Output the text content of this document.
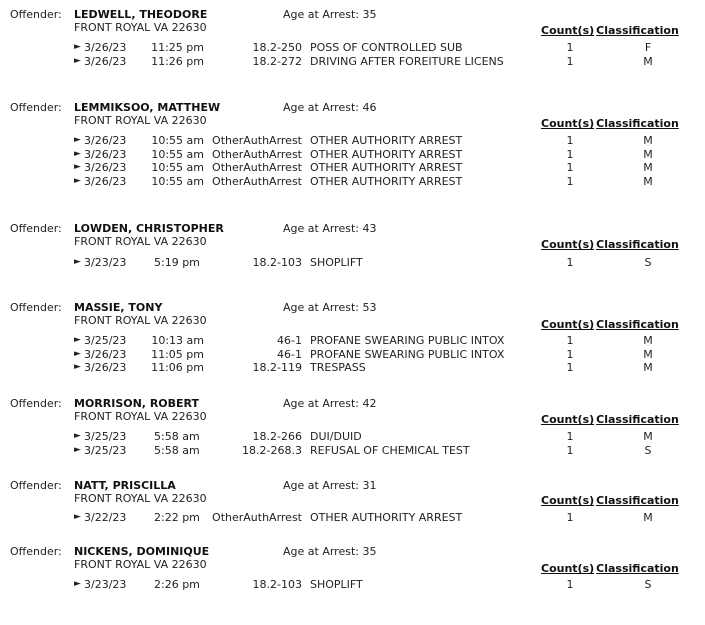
Offender: LEDWELL, THEODORE	Age at Arrest: 35
FRONT ROYAL VA 22630	Count(s) Classification
► 3/26/23	11:25 pm	18.2-250 POSS OF CONTROLLED SUB	1	F
► 3/26/23	11:26 pm	18.2-272 DRIVING AFTER FOREITURE LICENS	1	M
Offender: LEMMIKSOO, MATTHEW	Age at Arrest: 46
FRONT ROYAL VA 22630	Count(s) Classification
► 3/26/23	10:55 am OtherAuthArrest OTHER AUTHORITY ARREST	1	M
► 3/26/23	10:55 am OtherAuthArrest OTHER AUTHORITY ARREST	1	M
► 3/26/23	10:55 am OtherAuthArrest OTHER AUTHORITY ARREST	1	M
► 3/26/23	10:55 am OtherAuthArrest OTHER AUTHORITY ARREST	1	M
Offender: LOWDEN, CHRISTOPHER	Age at Arrest: 43
FRONT ROYAL VA 22630	Count(s) Classification
► 3/23/23	5:19 pm	18.2-103 SHOPLIFT	1	S
Offender: MASSIE, TONY	Age at Arrest: 53
FRONT ROYAL VA 22630	Count(s) Classification
► 3/25/23	10:13 am	46-1 PROFANE SWEARING PUBLIC INTOX	1	M
► 3/26/23	11:05 pm	46-1 PROFANE SWEARING PUBLIC INTOX	1	M
► 3/26/23	11:06 pm	18.2-119 TRESPASS	1	M
Offender: MORRISON, ROBERT	Age at Arrest: 42
FRONT ROYAL VA 22630	Count(s) Classification
► 3/25/23	5:58 am	18.2-266 DUI/DUID	1	M
► 3/25/23	5:58 am	18.2-268.3 REFUSAL OF CHEMICAL TEST	1	S
Offender: NATT, PRISCILLA	Age at Arrest: 31
FRONT ROYAL VA 22630	Count(s) Classification
► 3/22/23	2:22 pm	OtherAuthArrest OTHER AUTHORITY ARREST	1	M
Offender: NICKENS, DOMINIQUE	Age at Arrest: 35
FRONT ROYAL VA 22630	Count(s) Classification
► 3/23/23	2:26 pm	18.2-103 SHOPLIFT	1	S
